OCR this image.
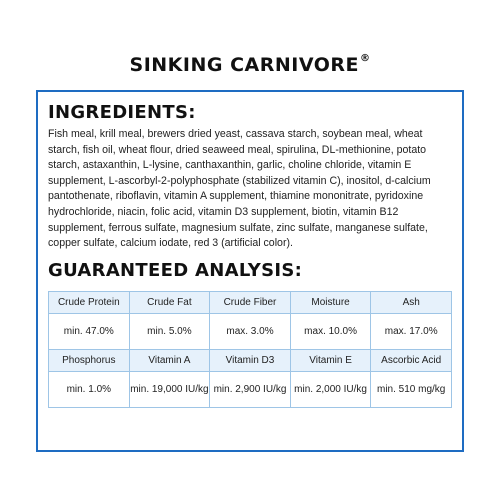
SINKING CARNIVORE®
INGREDIENTS:

Fish meal, krill meal, brewers dried yeast, cassava starch, soybean meal, wheat starch, fish oil, wheat flour, dried seaweed meal, spirulina, DL-methionine, potato starch, astaxanthin, L-lysine, canthaxanthin, garlic, choline chloride, vitamin E supplement, L-ascorbyl-2-polyphosphate (stabilized vitamin C), inositol, d-calcium pantothenate, riboflavin, vitamin A supplement, thiamine mononitrate, pyridoxine hydrochloride, niacin, folic acid, vitamin D3 supplement, biotin, vitamin B12 supplement, ferrous sulfate, magnesium sulfate, zinc sulfate, manganese sulfate, copper sulfate, calcium iodate, red 3 (artificial color).

GUARANTEED ANALYSIS:
Crude Protein	Crude Fat	Crude Fiber	Moisture	Ash
min. 47.0%	min. 5.0%	max. 3.0%	max. 10.0%	max. 17.0%
Phosphorus	Vitamin A	Vitamin D3	Vitamin E	Ascorbic Acid
min. 1.0%	min. 19,000 IU/kg	min. 2,900 IU/kg	min. 2,000 IU/kg	min. 510 mg/kg
